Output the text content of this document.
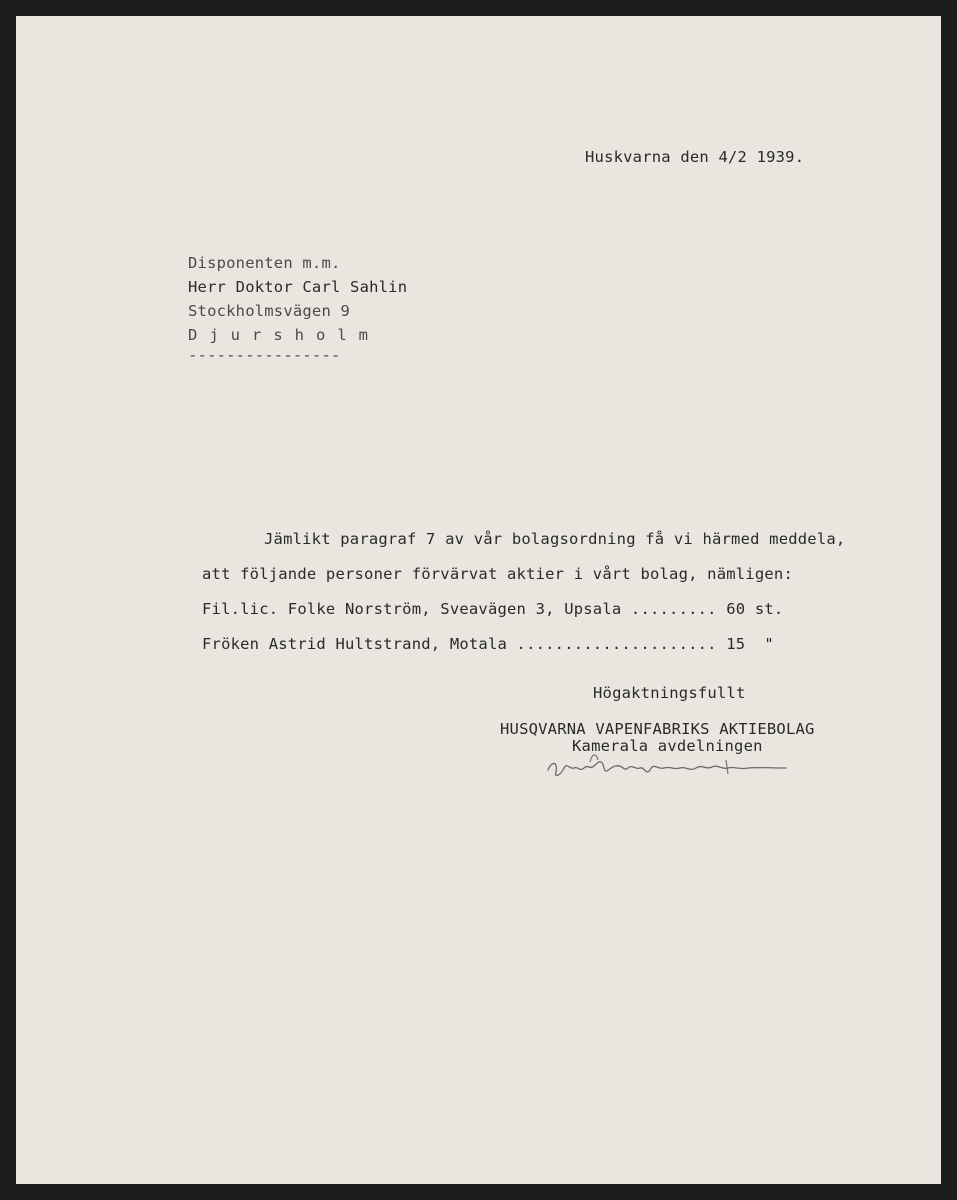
Huskvarna den 4/2 1939.
Disponenten m.m.
Herr Doktor Carl Sahlin
Stockholmsvägen 9
Djursholm
----------------
Jämlikt paragraf 7 av vår bolagsordning få vi härmed meddela,
att följande personer förvärvat aktier i vårt bolag, nämligen:
Fil.lic. Folke Norström, Sveavägen 3, Upsala ......... 60 st.
Fröken Astrid Hultstrand, Motala ..................... 15  "
Högaktningsfullt
HUSQVARNA VAPENFABRIKS AKTIEBOLAG
Kamerala avdelningen
